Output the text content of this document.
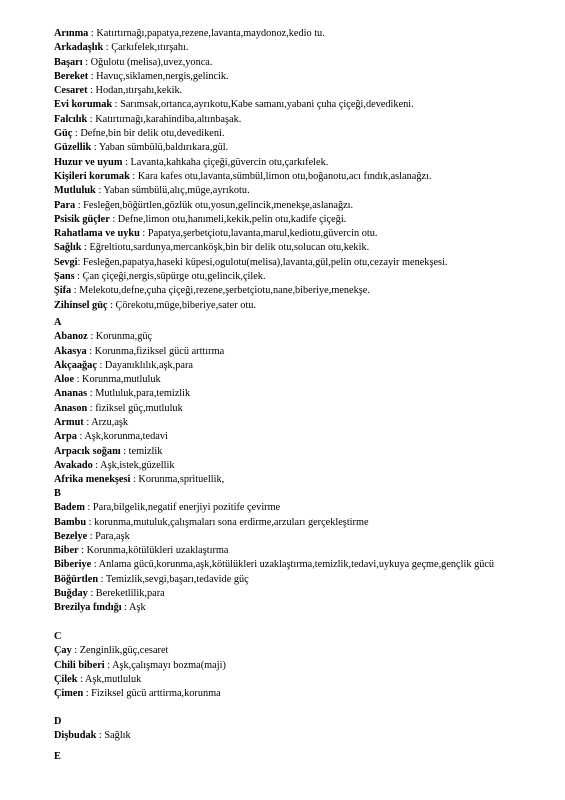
Arınma : Katırtırnağı,papatya,rezene,lavanta,maydonoz,kedio tu.
Arkadaşlık : Çarkıfelek,ıtırşahı.
Başarı : Oğulotu (melisa),uvez,yonca.
Bereket : Havuç,siklamen,nergis,gelincik.
Cesaret : Hodan,ıtırşahı,kekik.
Evi korumak : Sarımsak,ortanca,ayrıkotu,Kabe samanı,yabani çuha çiçeği,devedikeni.
Falcılık : Katırtırnağı,karahindiba,altınbaşak.
Güç : Defne,bin bir delik otu,devedikeni.
Güzellik : Yaban sümbülü,baldırıkara,gül.
Huzur ve uyum : Lavanta,kahkaha çiçeği,güvercin otu,çarkıfelek.
Kişileri korumak : Kara kafes otu,lavanta,sümbül,limon otu,boğanotu,acı fındık,aslanağzı.
Mutluluk : Yaban sümbülü,alıç,müge,ayrıkotu.
Para : Fesleğen,böğürtlen,gözlük otu,yosun,gelincik,menekşe,aslanağzı.
Psisik güçler : Defne,limon otu,hanımeli,kekik,pelin otu,kadife çiçeği.
Rahatlama ve uyku : Papatya,şerbetçiotu,lavanta,marul,kediotu,güvercin otu.
Sağlık : Eğreltiotu,sardunya,mercanköşk,bin bir delik otu,solucan otu,kekik.
Sevgi: Fesleğen,papatya,haseki küpesi,ogulotu(melisa),lavanta,gül,pelin otu,cezayir menekşesi.
Şans : Çan çiçeği,nergis,süpürge otu,gelincik,çilek.
Şifa : Melekotu,defne,çuha çiçeği,rezene,şerbetçiotu,nane,biberiye,menekşe.
Zihinsel güç : Çörekotu,müge,biberiye,sater otu.
A
Abanoz : Korunma,güç
Akasya : Korunma,fiziksel gücü arttırma
Akçaağaç : Dayanıklılık,aşk,para
Aloe : Korunma,mutluluk
Ananas : Mutluluk,para,temizlik
Anason : fiziksel güç,mutluluk
Armut : Arzu,aşk
Arpa : Aşk,korunma,tedavi
Arpacık soğanı : temizlik
Avakado : Aşk,istek,güzellik
Afrika menekşesi : Korunma,sprituellik,
B
Badem : Para,bilgelik,negatif enerjiyi pozitife çevirme
Bambu : korunma,mutuluk,çalışmaları sona erdirme,arzuları gerçekleştirme
Bezelye : Para,aşk
Biber : Korunma,kötülükleri uzaklaştırma
Biberiye : Anlama gücü,korunma,aşk,kötülükleri uzaklaştırma,temizlik,tedavi,uykuya geçme,gençlik gücü
Böğürtlen : Temizlik,sevgi,başarı,tedavide güç
Buğday : Bereketlilik,para
Brezilya fındığı : Aşk
C
Çay : Zenginlik,güç,cesaret
Chili biberi : Aşk,çalışmayı bozma(maji)
Çilek : Aşk,mutluluk
Çimen : Fiziksel gücü arttirma,korunma
D
Dişbudak : Sağlık
E
